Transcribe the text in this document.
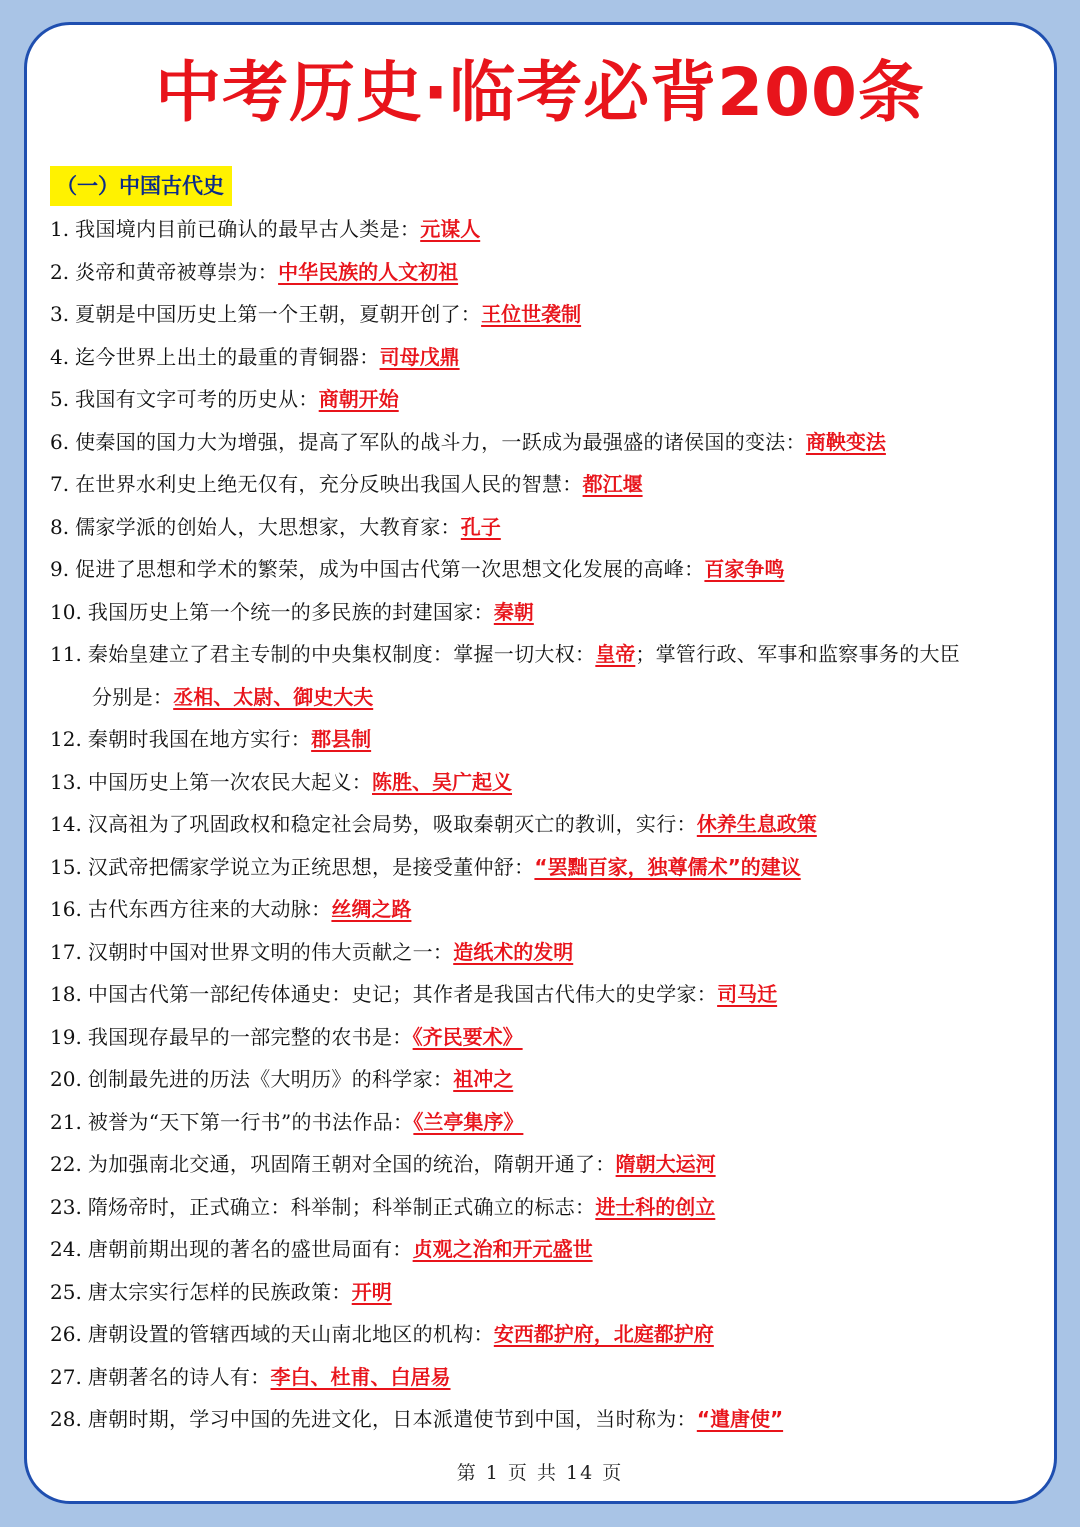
中考历史·临考必背200条
（一）中国古代史
1. 我国境内目前已确认的最早古人类是：元谋人
2. 炎帝和黄帝被尊崇为：中华民族的人文初祖
3. 夏朝是中国历史上第一个王朝，夏朝开创了：王位世袭制
4. 迄今世界上出土的最重的青铜器：司母戊鼎
5. 我国有文字可考的历史从：商朝开始
6. 使秦国的国力大为增强，提高了军队的战斗力，一跃成为最强盛的诸侯国的变法：商鞅变法
7. 在世界水利史上绝无仅有，充分反映出我国人民的智慧：都江堰
8. 儒家学派的创始人，大思想家，大教育家：孔子
9. 促进了思想和学术的繁荣，成为中国古代第一次思想文化发展的高峰：百家争鸣
10. 我国历史上第一个统一的多民族的封建国家：秦朝
11. 秦始皇建立了君主专制的中央集权制度：掌握一切大权：皇帝；掌管行政、军事和监察事务的大臣
分别是：丞相、太尉、御史大夫
12. 秦朝时我国在地方实行：郡县制
13. 中国历史上第一次农民大起义：陈胜、吴广起义
14. 汉高祖为了巩固政权和稳定社会局势，吸取秦朝灭亡的教训，实行：休养生息政策
15. 汉武帝把儒家学说立为正统思想，是接受董仲舒：“罢黜百家，独尊儒术”的建议
16. 古代东西方往来的大动脉：丝绸之路
17. 汉朝时中国对世界文明的伟大贡献之一：造纸术的发明
18. 中国古代第一部纪传体通史：史记；其作者是我国古代伟大的史学家：司马迁
19. 我国现存最早的一部完整的农书是：《齐民要术》
20. 创制最先进的历法《大明历》的科学家：祖冲之
21. 被誉为“天下第一行书”的书法作品：《兰亭集序》
22. 为加强南北交通，巩固隋王朝对全国的统治，隋朝开通了：隋朝大运河
23. 隋炀帝时，正式确立：科举制；科举制正式确立的标志：进士科的创立
24. 唐朝前期出现的著名的盛世局面有：贞观之治和开元盛世
25. 唐太宗实行怎样的民族政策：开明
26. 唐朝设置的管辖西域的天山南北地区的机构：安西都护府，北庭都护府
27. 唐朝著名的诗人有：李白、杜甫、白居易
28. 唐朝时期，学习中国的先进文化，日本派遣使节到中国，当时称为：“遣唐使”
第 1 页 共 14 页
